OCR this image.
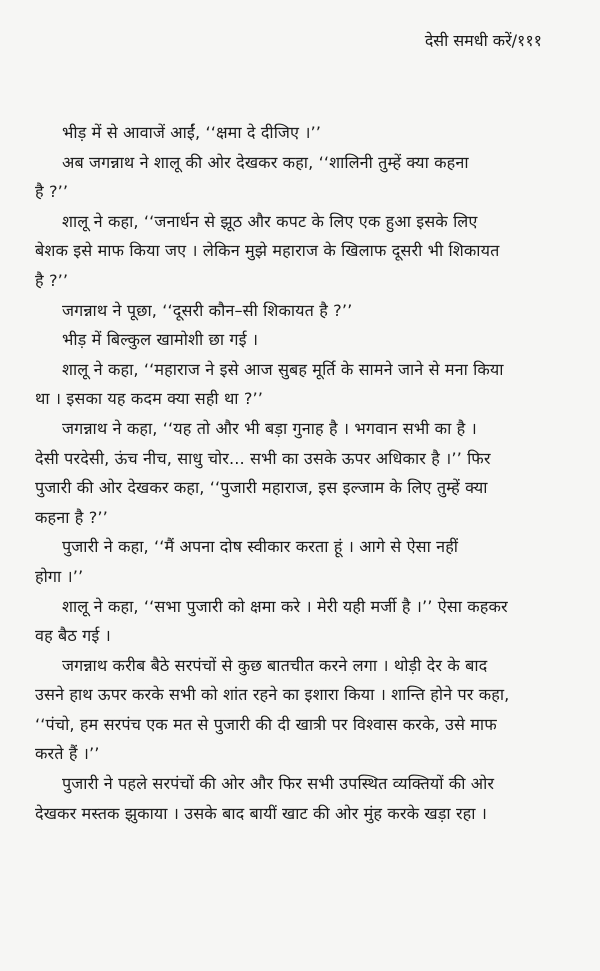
देसी समधी करें/१११
भीड़ में से आवाजें आईं, ‘‘क्षमा दे दीजिए ।’’
अब जगन्नाथ ने शालू की ओर देखकर कहा, ‘‘शालिनी तुम्हें क्या कहना
है ?’’
शालू ने कहा, ‘‘जनार्धन से झूठ और कपट के लिए एक हुआ इसके लिए
बेशक इसे माफ किया जए । लेकिन मुझे महाराज के खिलाफ दूसरी भी शिकायत
है ?’’
जगन्नाथ ने पूछा, ‘‘दूसरी कौन–सी शिकायत है ?’’
भीड़ में बिल्कुल खामोशी छा गई ।
शालू ने कहा, ‘‘महाराज ने इसे आज सुबह मूर्ति के सामने जाने से मना किया
था । इसका यह कदम क्या सही था ?’’
जगन्नाथ ने कहा, ‘‘यह तो और भी बड़ा गुनाह है । भगवान सभी का है ।
देसी परदेसी, ऊंच नीच, साधु चोर... सभी का उसके ऊपर अधिकार है ।’’ फिर
पुजारी की ओर देखकर कहा, ‘‘पुजारी महाराज, इस इल्जाम के लिए तुम्हें क्या
कहना है ?’’
पुजारी ने कहा, ‘‘मैं अपना दोष स्वीकार करता हूं । आगे से ऐसा नहीं
होगा ।’’
शालू ने कहा, ‘‘सभा पुजारी को क्षमा करे । मेरी यही मर्जी है ।’’ ऐसा कहकर
वह बैठ गई ।
जगन्नाथ करीब बैठे सरपंचों से कुछ बातचीत करने लगा । थोड़ी देर के बाद
उसने हाथ ऊपर करके सभी को शांत रहने का इशारा किया । शान्ति होने पर कहा,
‘‘पंचो, हम सरपंच एक मत से पुजारी की दी खात्री पर विश्वास करके, उसे माफ
करते हैं ।’’
पुजारी ने पहले सरपंचों की ओर और फिर सभी उपस्थित व्यक्तियों की ओर
देखकर मस्तक झुकाया । उसके बाद बायीं खाट की ओर मुंह करके खड़ा रहा ।
